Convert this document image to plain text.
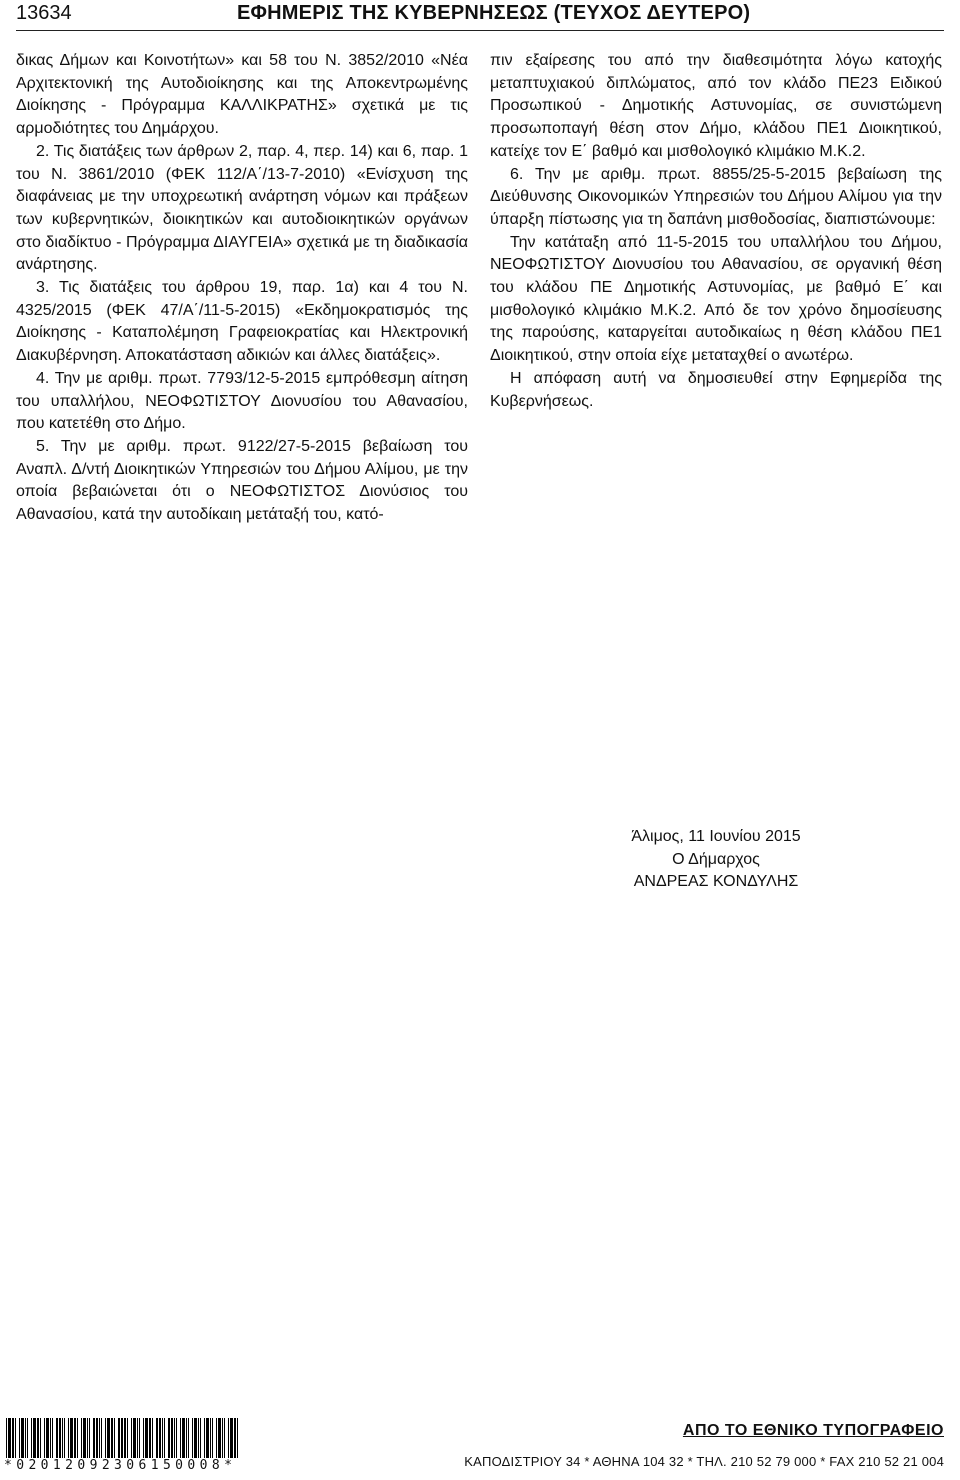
13634	ΕΦΗΜΕΡΙΣ ΤΗΣ ΚΥΒΕΡΝΗΣΕΩΣ (ΤΕΥΧΟΣ ΔΕΥΤΕΡΟ)

δικας Δήμων και Κοινοτήτων» και 58 του Ν. 3852/2010 «Νέα Αρχιτεκτονική της Αυτοδιοίκησης και της Αποκεντρωμένης Διοίκησης - Πρόγραμμα ΚΑΛΛΙΚΡΑΤΗΣ» σχετικά με τις αρμοδιότητες του Δημάρχου.

2. Τις διατάξεις των άρθρων 2, παρ. 4, περ. 14) και 6, παρ. 1 του Ν. 3861/2010 (ΦΕΚ 112/Α΄/13-7-2010) «Ενίσχυση της διαφάνειας με την υποχρεωτική ανάρτηση νόμων και πράξεων των κυβερνητικών, διοικητικών και αυτοδιοικητικών οργάνων στο διαδίκτυο - Πρόγραμμα ΔΙΑΥΓΕΙΑ» σχετικά με τη διαδικασία ανάρτησης.

3. Τις διατάξεις του άρθρου 19, παρ. 1α) και 4 του Ν. 4325/2015 (ΦΕΚ 47/Α΄/11-5-2015) «Εκδημοκρατισμός της Διοίκησης - Καταπολέμηση Γραφειοκρατίας και Ηλεκτρονική Διακυβέρνηση. Αποκατάσταση αδικιών και άλλες διατάξεις».

4. Την με αριθμ. πρωτ. 7793/12-5-2015 εμπρόθεσμη αίτηση του υπαλλήλου, ΝΕΟΦΩΤΙΣΤΟΥ Διονυσίου του Αθανασίου, που κατετέθη στο Δήμο.

5. Την με αριθμ. πρωτ. 9122/27-5-2015 βεβαίωση του Αναπλ. Δ/ντή Διοικητικών Υπηρεσιών του Δήμου Αλίμου, με την οποία βεβαιώνεται ότι ο ΝΕΟΦΩΤΙΣΤΟΣ Διονύσιος του Αθανασίου, κατά την αυτοδίκαιη μετάταξή του, κατό-

πιν εξαίρεσης του από την διαθεσιμότητα λόγω κατοχής μεταπτυχιακού διπλώματος, από τον κλάδο ΠΕ23 Ειδικού Προσωπικού - Δημοτικής Αστυνομίας, σε συνιστώμενη προσωποπαγή θέση στον Δήμο, κλάδου ΠΕ1 Διοικητικού, κατείχε τον Ε΄ βαθμό και μισθολογικό κλιμάκιο Μ.Κ.2.

6. Την με αριθμ. πρωτ. 8855/25-5-2015 βεβαίωση της Διεύθυνσης Οικονομικών Υπηρεσιών του Δήμου Αλίμου για την ύπαρξη πίστωσης για τη δαπάνη μισθοδοσίας, διαπιστώνουμε:

Την κατάταξη από 11-5-2015 του υπαλλήλου του Δήμου, ΝΕΟΦΩΤΙΣΤΟΥ Διονυσίου του Αθανασίου, σε οργανική θέση του κλάδου ΠΕ Δημοτικής Αστυνομίας, με βαθμό Ε΄ και μισθολογικό κλιμάκιο Μ.Κ.2. Από δε τον χρόνο δημοσίευσης της παρούσης, καταργείται αυτοδικαίως η θέση κλάδου ΠΕ1 Διοικητικού, στην οποία είχε μεταταχθεί ο ανωτέρω.

Η απόφαση αυτή να δημοσιευθεί στην Εφημερίδα της Κυβερνήσεως.

Άλιμος, 11 Ιουνίου 2015
Ο Δήμαρχος
ΑΝΔΡΕΑΣ ΚΟΝΔΥΛΗΣ
*02012092306150008*
ΑΠΟ ΤΟ ΕΘΝΙΚΟ ΤΥΠΟΓΡΑΦΕΙΟ
ΚΑΠΟΔΙΣΤΡΙΟΥ 34 * ΑΘΗΝΑ 104 32 * ΤΗΛ. 210 52 79 000 * FAX 210 52 21 004
